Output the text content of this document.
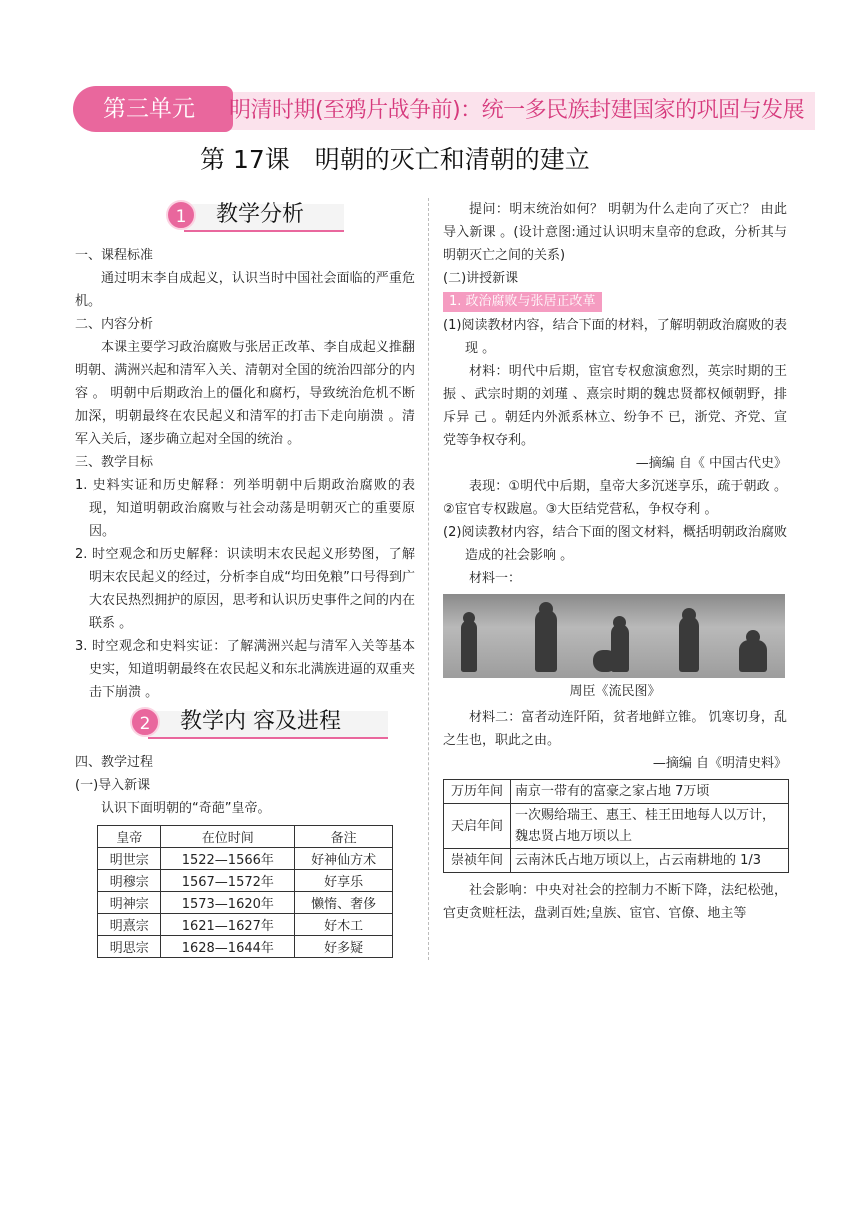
第三单元	明清时期(至鸦片战争前)：统一多民族封建国家的巩固与发展
第 17课　明朝的灭亡和清朝的建立
1	教学分析

一、课程标准

通过明末李自成起义，认识当时中国社会面临的严重危机。

二、内容分析

本课主要学习政治腐败与张居正改革、李自成起义推翻明朝、满洲兴起和清军入关、清朝对全国的统治四部分的内容 。 明朝中后期政治上的僵化和腐朽，导致统治危机不断加深，明朝最终在农民起义和清军的打击下走向崩溃 。清军入关后，逐步确立起对全国的统治 。

三、教学目标

1. 史料实证和历史解释：列举明朝中后期政治腐败的表现，知道明朝政治腐败与社会动荡是明朝灭亡的重要原因。

2. 时空观念和历史解释：识读明末农民起义形势图，了解明末农民起义的经过，分析李自成“均田免粮”口号得到广大农民热烈拥护的原因，思考和认识历史事件之间的内在联系 。

3. 时空观念和史料实证：了解满洲兴起与清军入关等基本史实，知道明朝最终在农民起义和东北满族进逼的双重夹击下崩溃 。

2	教学内 容及进程

四、教学过程

(一)导入新课

认识下面明朝的“奇葩”皇帝。

皇帝	在位时间	备注
明世宗	1522—1566年	好神仙方术
明穆宗	1567—1572年	好享乐
明神宗	1573—1620年	懒惰、奢侈
明熹宗	1621—1627年	好木工
明思宗	1628—1644年	好多疑

提问：明末统治如何？ 明朝为什么走向了灭亡？ 由此导入新课 。(设计意图:通过认识明末皇帝的怠政，分析其与明朝灭亡之间的关系)

(二)讲授新课

1. 政治腐败与张居正改革

(1)阅读教材内容，结合下面的材料，了解明朝政治腐败的表现 。

材料：明代中后期，宦官专权愈演愈烈，英宗时期的王振 、武宗时期的刘瑾 、熹宗时期的魏忠贤都权倾朝野，排斥异 己 。朝廷内外派系林立、纷争不 已，浙党、齐党、宣党等争权夺利。

—摘编 自《 中国古代史》

表现：①明代中后期，皇帝大多沉迷享乐，疏于朝政 。②宦官专权跋扈。③大臣结党营私，争权夺利 。

(2)阅读教材内容，结合下面的图文材料，概括明朝政治腐败造成的社会影响 。

材料一：

周臣《流民图》

材料二：富者动连阡陌，贫者地鲜立锥。 饥寒切身，乱之生也，职此之由。

—摘编 自《明清史料》

万历年间	南京一带有的富豪之家占地 7万顷
天启年间	一次赐给瑞王、惠王、桂王田地每人以万计，魏忠贤占地万顷以上
崇祯年间	云南沐氏占地万顷以上，占云南耕地的 1/3

社会影响：中央对社会的控制力不断下降，法纪松弛，官吏贪赃枉法，盘剥百姓;皇族、宦官、官僚、地主等
